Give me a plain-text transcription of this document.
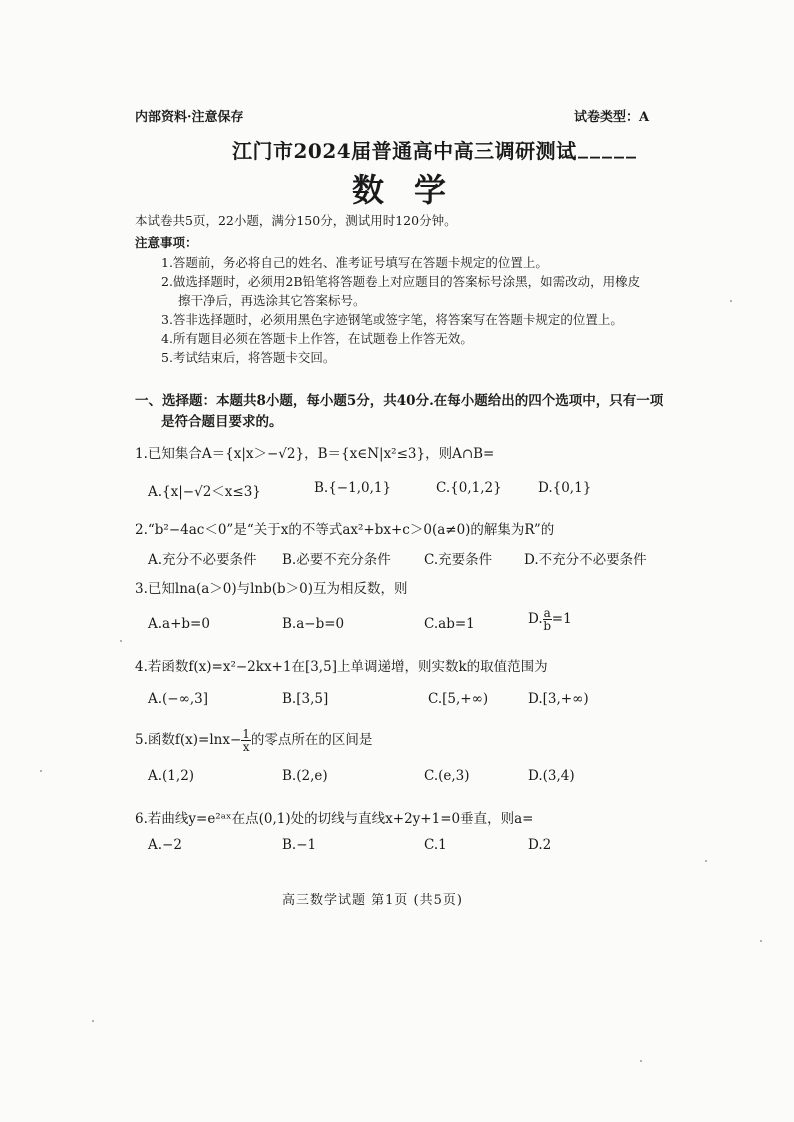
内部资料·注意保存	试卷类型：A
江门市2024届普通高中高三调研测试
______
数学
本试卷共5页，22小题，满分150分，测试用时120分钟。
注意事项：
1.答题前，务必将自己的姓名、准考证号填写在答题卡规定的位置上。
2.做选择题时，必须用2B铅笔将答题卷上对应题目的答案标号涂黑，如需改动，用橡皮
擦干净后，再选涂其它答案标号。
3.答非选择题时，必须用黑色字迹钢笔或签字笔，将答案写在答题卡规定的位置上。
4.所有题目必须在答题卡上作答，在试题卷上作答无效。
5.考试结束后，将答题卡交回。
一、选择题：本题共8小题，每小题5分，共40分.在每小题给出的四个选项中，只有一项
是符合题目要求的。
1.已知集合A＝{x|x＞−√2}，B＝{x∈N|x²≤3}，则A∩B=
A.{x|−√2＜x≤3}	B.{−1,0,1}	C.{0,1,2}	D.{0,1}
2.“b²−4ac＜0”是“关于x的不等式ax²+bx+c＞0(a≠0)的解集为R”的
A.充分不必要条件 B.必要不充分条件 C.充要条件 D.不充分不必要条件
3.已知lna(a＞0)与lnb(b＞0)互为相反数，则
A.a+b=0	B.a−b=0	C.ab=1	D. $\frac{a}{b} =1$
4.若函数f(x)=x²−2kx+1在[3,5]上单调递增，则实数k的取值范围为
A.(−∞,3]	B.[3,5]	C.[5,+∞)	D.[3,+∞)
5.函数$f(x)=\ln x- \frac{1}{x}$ 的零点所在的区间是
A.(1,2)	B.(2,e)	C.(e,3)	D.(3,4)
6.若曲线y=e²ᵃˣ在点(0,1)处的切线与直线x+2y+1=0垂直，则a=
A.−2	B.−1	C.1	D.2
高三数学试题 第1页 (共5页)
